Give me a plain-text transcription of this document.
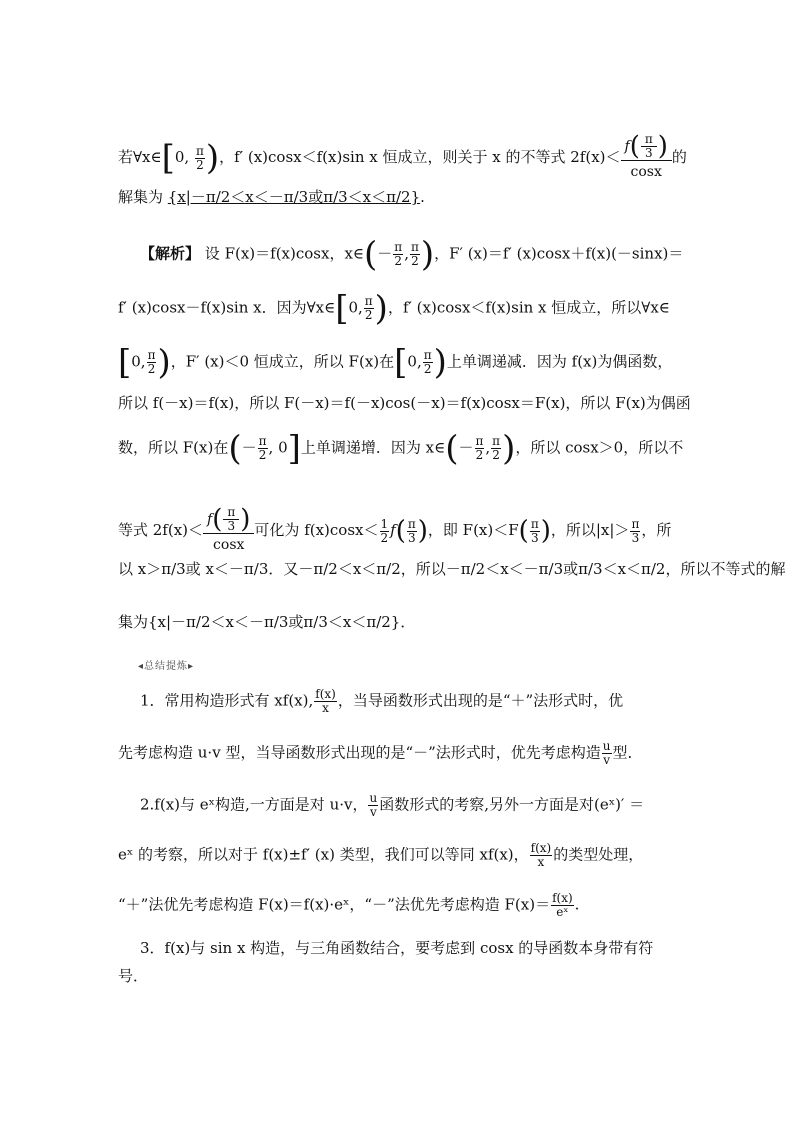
若∀x∈[0, $\frac{\pi}{2}$ )，f′ (x)cosx＜f(x)sin x 恒成立，则关于 x 的不等式 $2f(x)< \frac{f( \frac{\pi}{3} )}{\cos x}$ 的
解集为 {x|－π/2＜x＜－π/3或π/3＜x＜π/2}.
【解析】 设 F(x)＝f(x)cosx，x∈(－ $\frac{\pi}{2}$ , $\frac{\pi}{2}$ )，F′ (x)＝f′ (x)cosx＋f(x)(－sinx)＝
f′ (x)cosx－f(x)sin x．因为∀x∈[0, $\frac{\pi}{2}$ )，f′ (x)cosx＜f(x)sin x 恒成立，所以∀x∈
[0, $\frac{\pi}{2}$ )，F′ (x)＜0 恒成立，所以 F(x)在[0, $\frac{\pi}{2}$ )上单调递减．因为 f(x)为偶函数，
所以 f(－x)＝f(x)，所以 F(－x)＝f(－x)cos(－x)＝f(x)cosx＝F(x)，所以 F(x)为偶函
数，所以 F(x)在(－ $\frac{\pi}{2}$ , 0]上单调递增．因为 x∈(－ $\frac{\pi}{2}$ , $\frac{\pi}{2}$ )，所以 cosx＞0，所以不
等式 $2f(x)< \frac{f( \frac{\pi}{3} )}{\cos x}$ 可化为 $f(x)\cos x< \frac{1}{2} f( \frac{\pi}{3}$ )，即 $F(x)<F( \frac{\pi}{3}$ )，所以$|x|> \frac{\pi}{3}$ ，所
以 x＞π/3或 x＜－π/3．又－π/2＜x＜π/2，所以－π/2＜x＜－π/3或π/3＜x＜π/2，所以不等式的解
集为{x|－π/2＜x＜－π/3或π/3＜x＜π/2}．
◂总结提炼▸
1．常用构造形式有 xf(x), $\frac{f(x)}{x}$ ，当导函数形式出现的是“＋”法形式时，优
先考虑构造 u·v 型，当导函数形式出现的是“－”法形式时，优先考虑构造 $\frac{u}{v}$ 型．
2.f(x)与 eˣ构造,一方面是对 u·v， $\frac{u}{v}$ 函数形式的考察,另外一方面是对(eˣ)′ ＝
eˣ 的考察，所以对于 f(x)±f′ (x) 类型，我们可以等同 xf(x)， $\frac{f(x)}{x}$ 的类型处理，
“＋”法优先考虑构造 F(x)＝f(x)·eˣ，“－”法优先考虑构造 $F(x)= \frac{f(x)}{\text{eˣ}}$ .
3．f(x)与 sin x 构造，与三角函数结合，要考虑到 cosx 的导函数本身带有符
号．
